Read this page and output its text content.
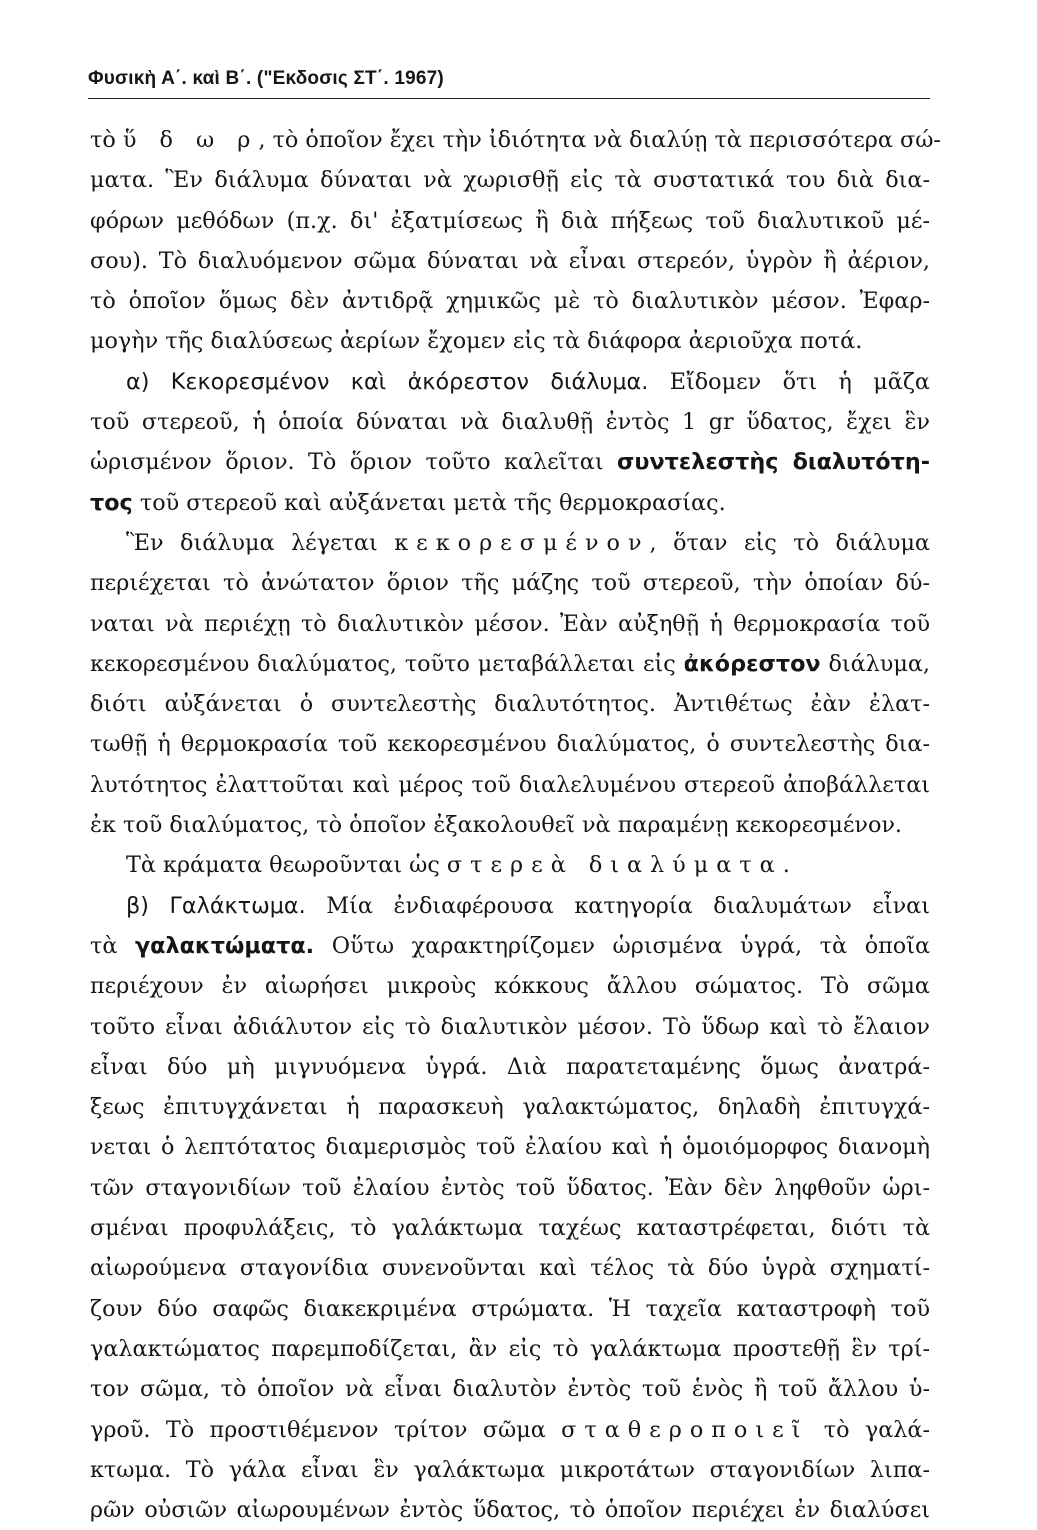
Φυσικὴ Α΄. καὶ Β΄. ("Εκδοσις ΣΤ΄. 1967)
τὸ ὕ δ ω ρ, τὸ ὁποῖον ἔχει τὴν ἰδιότητα νὰ διαλύῃ τὰ περισσότερα σώ-
ματα. Ἓν διάλυμα δύναται νὰ χωρισθῇ εἰς τὰ συστατικά του διὰ δια-
φόρων μεθόδων (π.χ. δι' ἐξατμίσεως ἢ διὰ πήξεως τοῦ διαλυτικοῦ μέ-
σου). Τὸ διαλυόμενον σῶμα δύναται νὰ εἶναι στερεόν, ὑγρὸν ἢ ἀέριον,
τὸ ὁποῖον ὅμως δὲν ἀντιδρᾷ χημικῶς μὲ τὸ διαλυτικὸν μέσον. Ἐφαρ-
μογὴν τῆς διαλύσεως ἀερίων ἔχομεν εἰς τὰ διάφορα ἀεριοῦχα ποτά.
α) Κεκορεσμένον καὶ ἀκόρεστον διάλυμα. Εἴδομεν ὅτι ἡ μᾶζα
τοῦ στερεοῦ, ἡ ὁποία δύναται νὰ διαλυθῇ ἐντὸς 1 gr ὕδατος, ἔχει ἓν
ὡρισμένον ὅριον. Τὸ ὅριον τοῦτο καλεῖται συντελεστὴς διαλυτότη-
τος τοῦ στερεοῦ καὶ αὐξάνεται μετὰ τῆς θερμοκρασίας.
Ἓν διάλυμα λέγεται κεκορεσμένον, ὅταν εἰς τὸ διάλυμα
περιέχεται τὸ ἀνώτατον ὅριον τῆς μάζης τοῦ στερεοῦ, τὴν ὁποίαν δύ-
ναται νὰ περιέχῃ τὸ διαλυτικὸν μέσον. Ἐὰν αὐξηθῇ ἡ θερμοκρασία τοῦ
κεκορεσμένου διαλύματος, τοῦτο μεταβάλλεται εἰς ἀκόρεστον διάλυμα,
διότι αὐξάνεται ὁ συντελεστὴς διαλυτότητος. Ἀντιθέτως ἐὰν ἐλατ-
τωθῇ ἡ θερμοκρασία τοῦ κεκορεσμένου διαλύματος, ὁ συντελεστὴς δια-
λυτότητος ἐλαττοῦται καὶ μέρος τοῦ διαλελυμένου στερεοῦ ἀποβάλλεται
ἐκ τοῦ διαλύματος, τὸ ὁποῖον ἐξακολουθεῖ νὰ παραμένῃ κεκορεσμένον.
Τὰ κράματα θεωροῦνται ὡς στερεὰ διαλύματα.
β) Γαλάκτωμα. Μία ἐνδιαφέρουσα κατηγορία διαλυμάτων εἶναι
τὰ γαλακτώματα. Οὕτω χαρακτηρίζομεν ὡρισμένα ὑγρά, τὰ ὁποῖα
περιέχουν ἐν αἰωρήσει μικροὺς κόκκους ἄλλου σώματος. Τὸ σῶμα
τοῦτο εἶναι ἀδιάλυτον εἰς τὸ διαλυτικὸν μέσον. Τὸ ὕδωρ καὶ τὸ ἔλαιον
εἶναι δύο μὴ μιγνυόμενα ὑγρά. Διὰ παρατεταμένης ὅμως ἀνατρά-
ξεως ἐπιτυγχάνεται ἡ παρασκευὴ γαλακτώματος, δηλαδὴ ἐπιτυγχά-
νεται ὁ λεπτότατος διαμερισμὸς τοῦ ἐλαίου καὶ ἡ ὁμοιόμορφος διανομὴ
τῶν σταγονιδίων τοῦ ἐλαίου ἐντὸς τοῦ ὕδατος. Ἐὰν δὲν ληφθοῦν ὡρι-
σμέναι προφυλάξεις, τὸ γαλάκτωμα ταχέως καταστρέφεται, διότι τὰ
αἰωρούμενα σταγονίδια συνενοῦνται καὶ τέλος τὰ δύο ὑγρὰ σχηματί-
ζουν δύο σαφῶς διακεκριμένα στρώματα. Ἡ ταχεῖα καταστροφὴ τοῦ
γαλακτώματος παρεμποδίζεται, ἂν εἰς τὸ γαλάκτωμα προστεθῇ ἓν τρί-
τον σῶμα, τὸ ὁποῖον νὰ εἶναι διαλυτὸν ἐντὸς τοῦ ἑνὸς ἢ τοῦ ἄλλου ὑ-
γροῦ. Τὸ προστιθέμενον τρίτον σῶμα σταθεροποιεῖ τὸ γαλά-
κτωμα. Τὸ γάλα εἶναι ἓν γαλάκτωμα μικροτάτων σταγονιδίων λιπα-
ρῶν οὐσιῶν αἰωρουμένων ἐντὸς ὕδατος, τὸ ὁποῖον περιέχει ἐν διαλύσει
